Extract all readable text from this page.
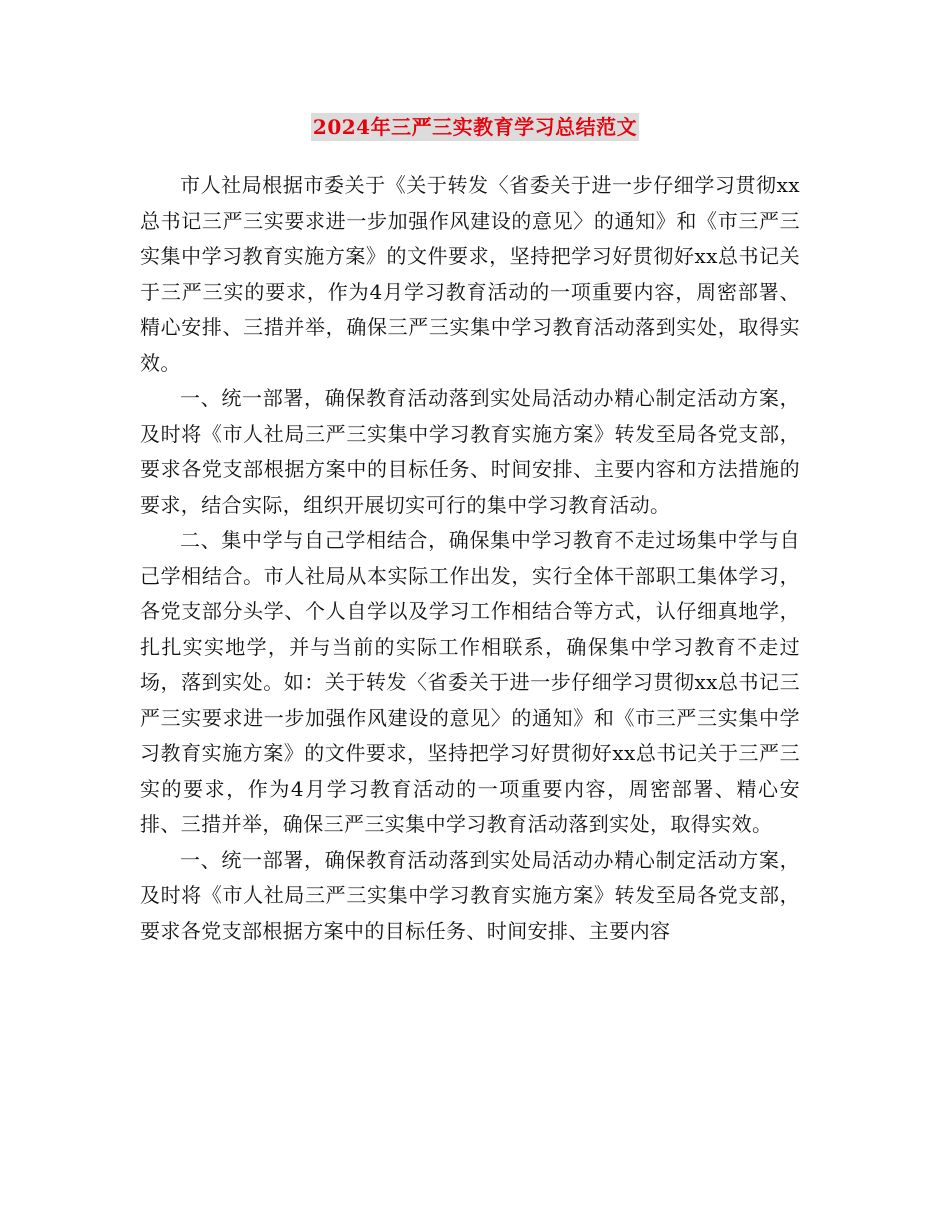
2024年三严三实教育学习总结范文

市人社局根据市委关于《关于转发〈省委关于进一步仔细学习贯彻xx总书记三严三实要求进一步加强作风建设的意见〉的通知》和《市三严三实集中学习教育实施方案》的文件要求，坚持把学习好贯彻好xx总书记关于三严三实的要求，作为4月学习教育活动的一项重要内容，周密部署、精心安排、三措并举，确保三严三实集中学习教育活动落到实处，取得实效。

一、统一部署，确保教育活动落到实处局活动办精心制定活动方案，及时将《市人社局三严三实集中学习教育实施方案》转发至局各党支部，要求各党支部根据方案中的目标任务、时间安排、主要内容和方法措施的要求，结合实际，组织开展切实可行的集中学习教育活动。

二、集中学与自己学相结合，确保集中学习教育不走过场集中学与自己学相结合。市人社局从本实际工作出发，实行全体干部职工集体学习，各党支部分头学、个人自学以及学习工作相结合等方式，认仔细真地学，扎扎实实地学，并与当前的实际工作相联系，确保集中学习教育不走过场，落到实处。如：关于转发〈省委关于进一步仔细学习贯彻xx总书记三严三实要求进一步加强作风建设的意见〉的通知》和《市三严三实集中学习教育实施方案》的文件要求，坚持把学习好贯彻好xx总书记关于三严三实的要求，作为4月学习教育活动的一项重要内容，周密部署、精心安排、三措并举，确保三严三实集中学习教育活动落到实处，取得实效。

一、统一部署，确保教育活动落到实处局活动办精心制定活动方案，及时将《市人社局三严三实集中学习教育实施方案》转发至局各党支部，要求各党支部根据方案中的目标任务、时间安排、主要内容
